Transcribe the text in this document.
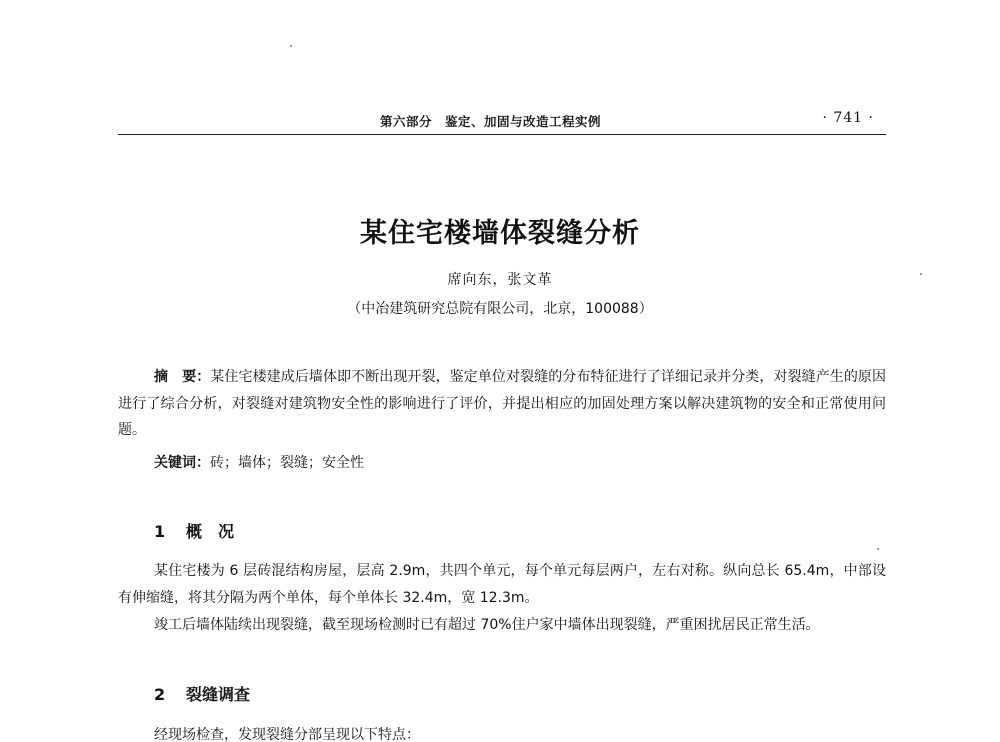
第六部分　鉴定、加固与改造工程实例	· 741 ·
某住宅楼墙体裂缝分析
席向东，张文革
（中冶建筑研究总院有限公司，北京，100088）
摘　要：某住宅楼建成后墙体即不断出现开裂，鉴定单位对裂缝的分布特征进行了详细记录并分类，对裂缝产生的原因进行了综合分析，对裂缝对建筑物安全性的影响进行了评价，并提出相应的加固处理方案以解决建筑物的安全和正常使用问题。
关键词：砖；墙体；裂缝；安全性
1 概　况
某住宅楼为 6 层砖混结构房屋，层高 2.9m，共四个单元，每个单元每层两户，左右对称。纵向总长 65.4m，中部设有伸缩缝，将其分隔为两个单体，每个单体长 32.4m，宽 12.3m。
竣工后墙体陆续出现裂缝，截至现场检测时已有超过 70%住户家中墙体出现裂缝，严重困扰居民正常生活。
2 裂缝调查
经现场检查，发现裂缝分部呈现以下特点：
